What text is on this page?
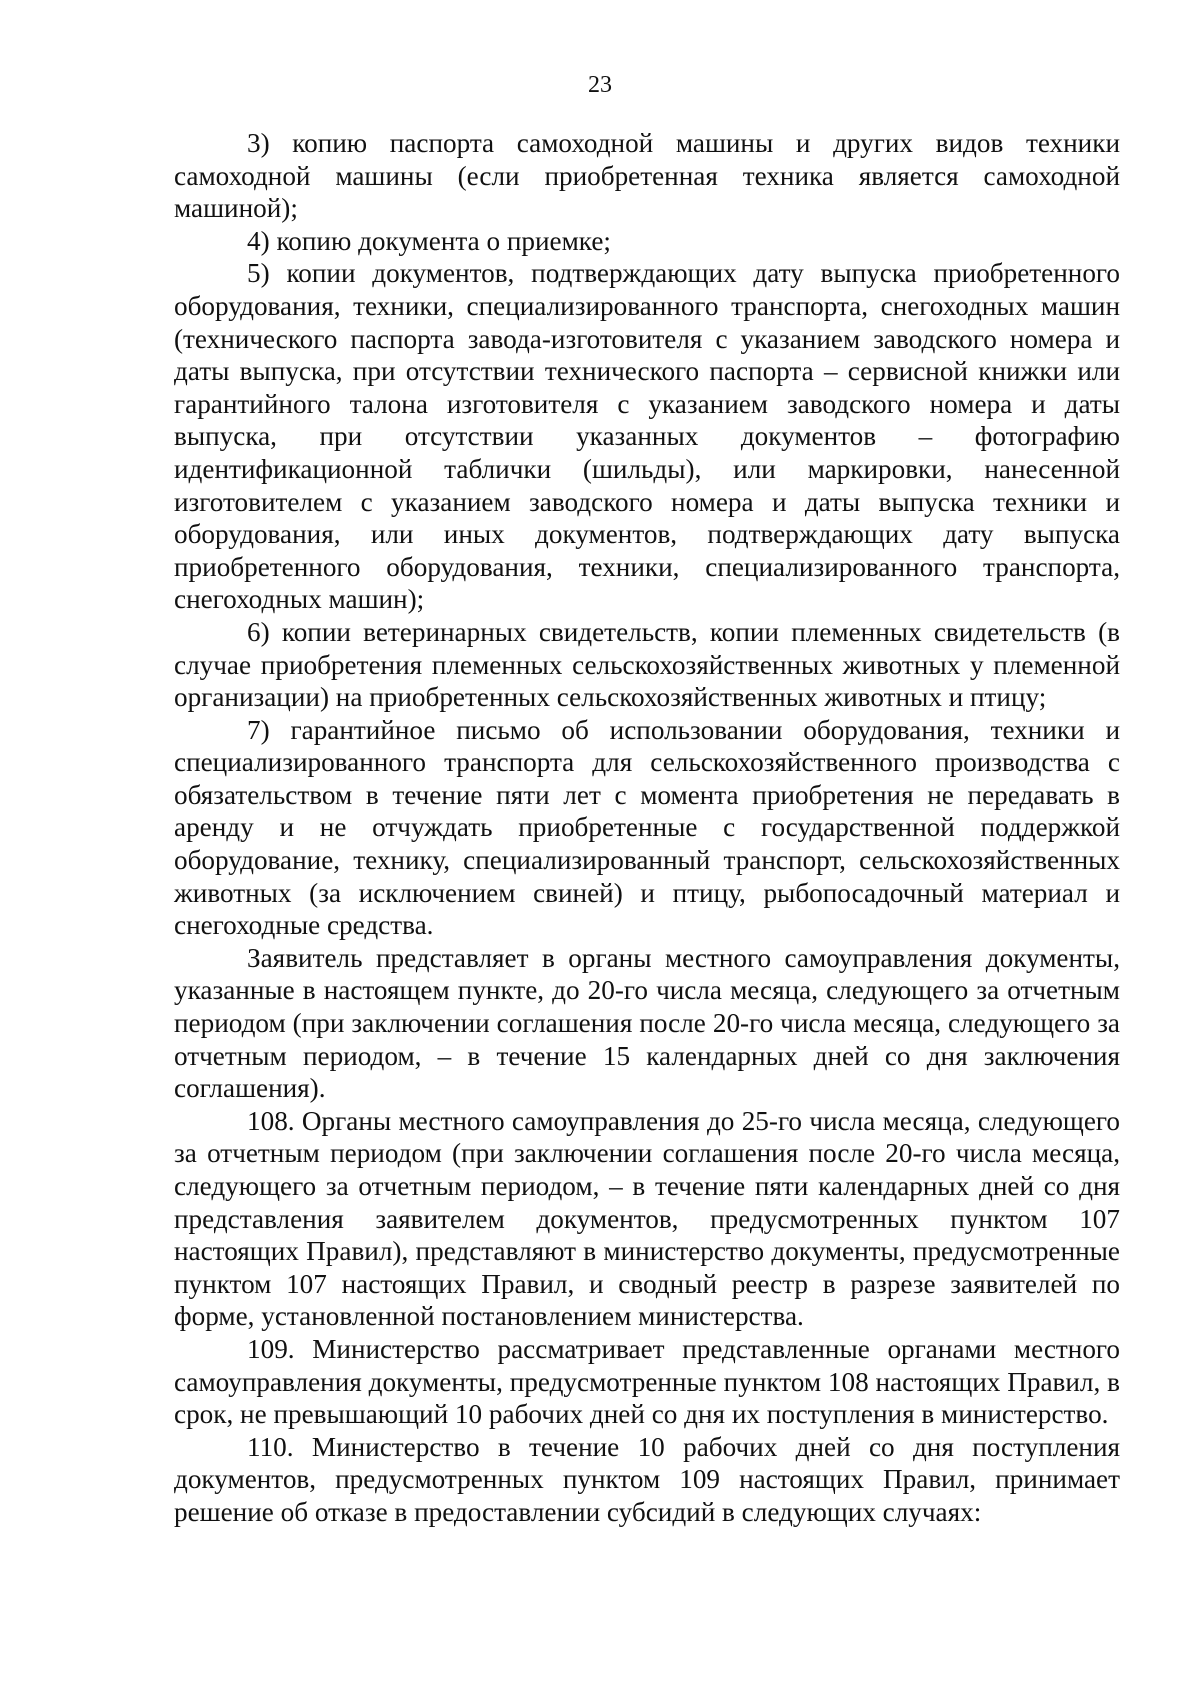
23

3) копию паспорта самоходной машины и других видов техники самоходной машины (если приобретенная техника является самоходной машиной);

4) копию документа о приемке;

5) копии документов, подтверждающих дату выпуска приобретенного оборудования, техники, специализированного транспорта, снегоходных машин (технического паспорта завода-изготовителя с указанием заводского номера и даты выпуска, при отсутствии технического паспорта – сервисной книжки или гарантийного талона изготовителя с указанием заводского номера и даты выпуска, при отсутствии указанных документов – фотографию идентификационной таблички (шильды), или маркировки, нанесенной изготовителем с указанием заводского номера и даты выпуска техники и оборудования, или иных документов, подтверждающих дату выпуска приобретенного оборудования, техники, специализированного транспорта, снегоходных машин);

6) копии ветеринарных свидетельств, копии племенных свидетельств (в случае приобретения племенных сельскохозяйственных животных у племенной организации) на приобретенных сельскохозяйственных животных и птицу;

7) гарантийное письмо об использовании оборудования, техники и специализированного транспорта для сельскохозяйственного производства с обязательством в течение пяти лет с момента приобретения не передавать в аренду и не отчуждать приобретенные с государственной поддержкой оборудование, технику, специализированный транспорт, сельскохозяйственных животных (за исключением свиней) и птицу, рыбопосадочный материал и снегоходные средства.

Заявитель представляет в органы местного самоуправления документы, указанные в настоящем пункте, до 20-го числа месяца, следующего за отчетным периодом (при заключении соглашения после 20-го числа месяца, следующего за отчетным периодом, – в течение 15 календарных дней со дня заключения соглашения).

108. Органы местного самоуправления до 25-го числа месяца, следующего за отчетным периодом (при заключении соглашения после 20-го числа месяца, следующего за отчетным периодом, – в течение пяти календарных дней со дня представления заявителем документов, предусмотренных пунктом 107 настоящих Правил), представляют в министерство документы, предусмотренные пунктом 107 настоящих Правил, и сводный реестр в разрезе заявителей по форме, установленной постановлением министерства.

109. Министерство рассматривает представленные органами местного самоуправления документы, предусмотренные пунктом 108 настоящих Правил, в срок, не превышающий 10 рабочих дней со дня их поступления в министерство.

110. Министерство в течение 10 рабочих дней со дня поступления документов, предусмотренных пунктом 109 настоящих Правил, принимает решение об отказе в предоставлении субсидий в следующих случаях:
